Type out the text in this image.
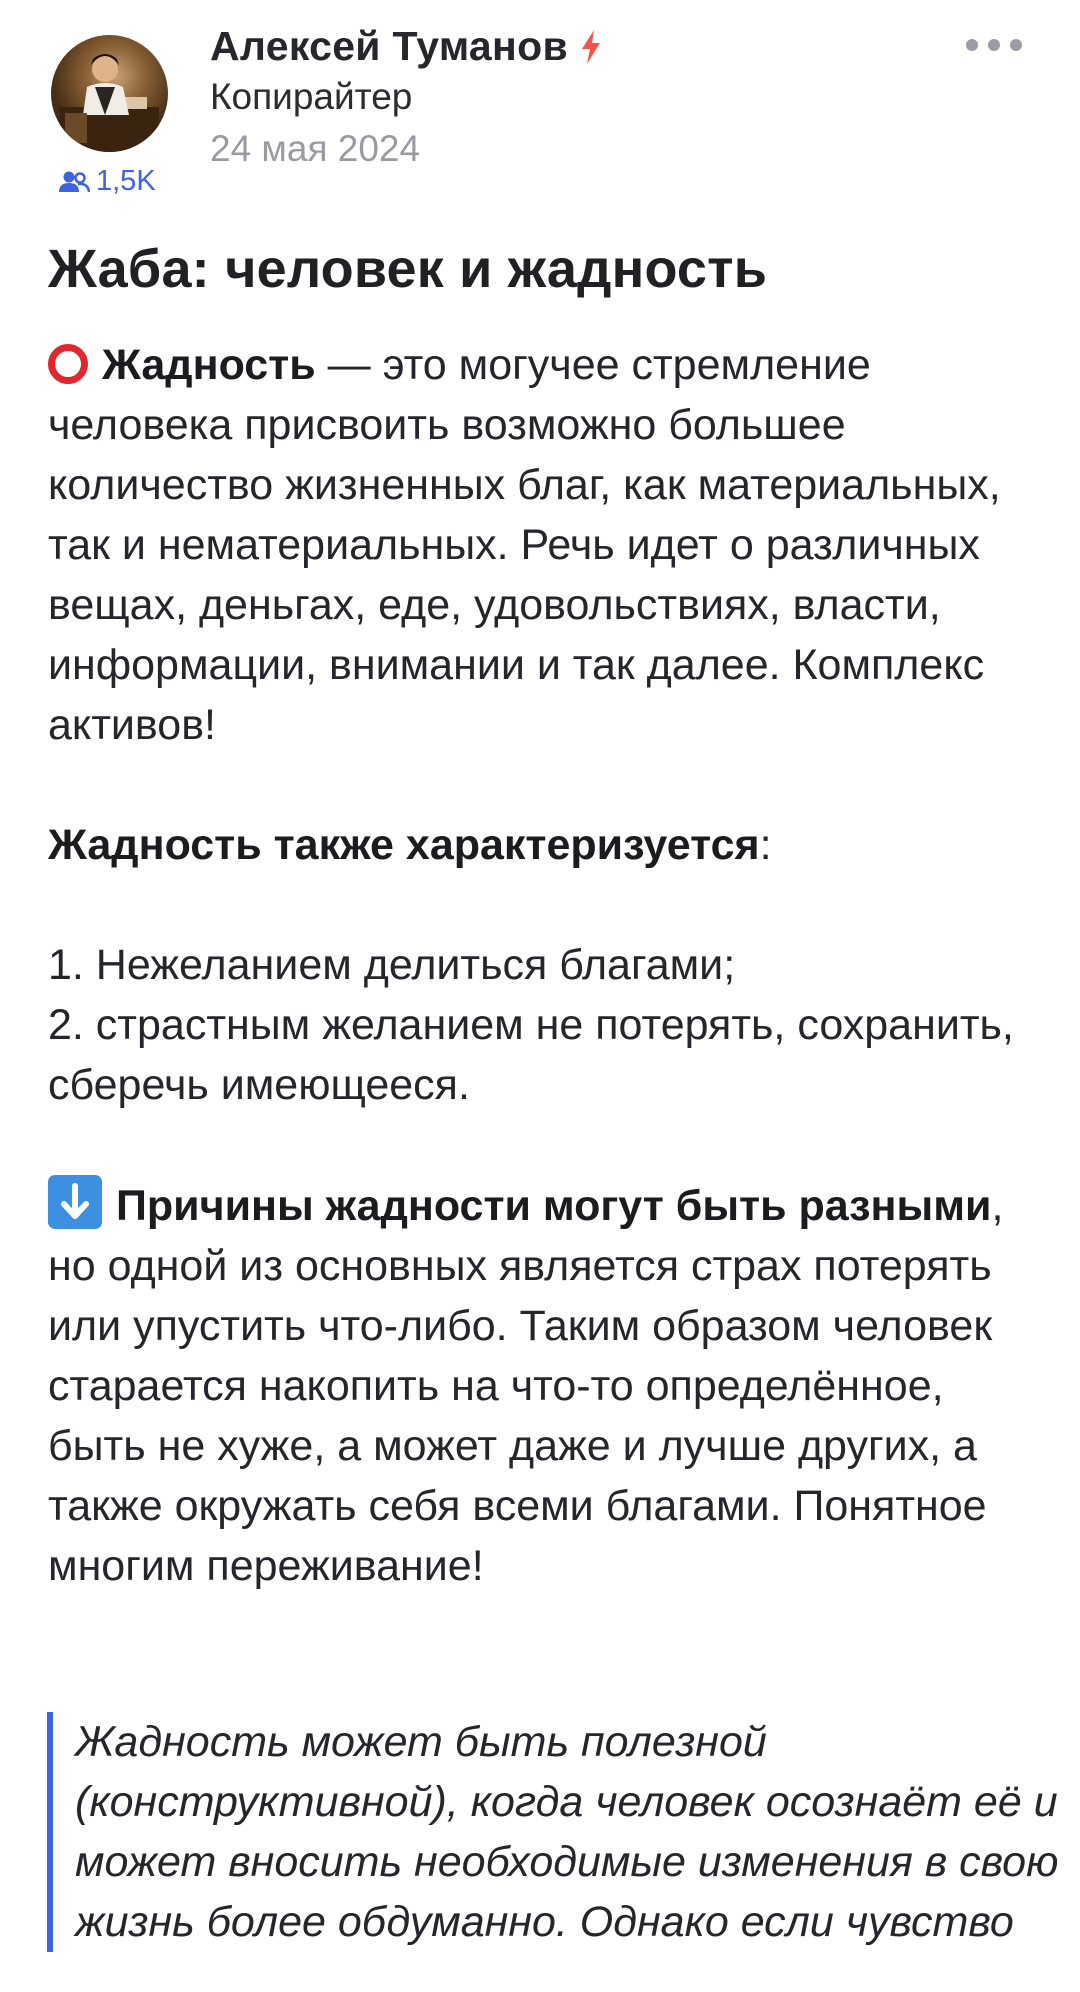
1,5K
Алексей Туманов
Копирайтер
24 мая 2024
Жаба: человек и жадность

Жадность — это могучее стремление человека присвоить возможно большее количество жизненных благ, как материальных, так и нематериальных. Речь идет о различных вещах, деньгах, еде, удовольствиях, власти, информации, внимании и так далее. Комплекс активов!

Жадность также характеризуется:

1. Нежеланием делиться благами;

2. страстным желанием не потерять, сохранить, сберечь имеющееся.

Причины жадности могут быть разными, но одной из основных является страх потерять или упустить что-либо. Таким образом человек старается накопить на что-то определённое, быть не хуже, а может даже и лучше других, а также окружать себя всеми благами. Понятное многим переживание!

Жадность может быть полезной (конструктивной), когда человек осознаёт её и может вносить необходимые изменения в свою жизнь более обдуманно. Однако если чувство
